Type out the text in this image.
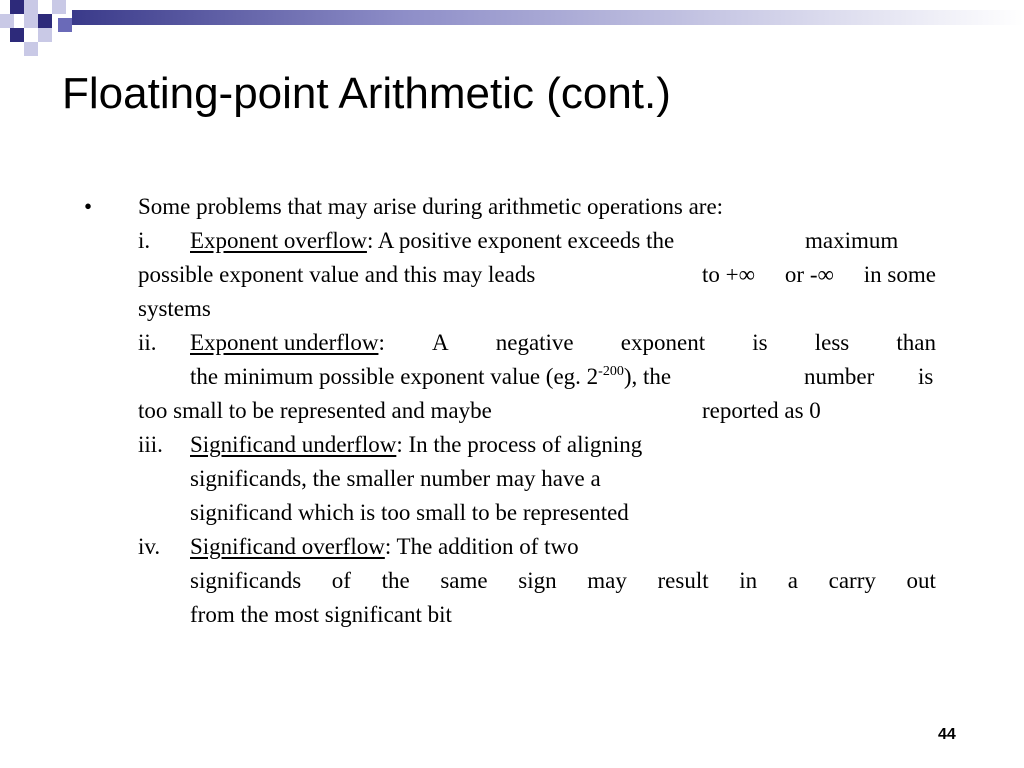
Floating-point Arithmetic (cont.)
• Some problems that may arise during arithmetic operations are:
i. Exponent overflow: A positive exponent exceeds the	maximum
possible exponent value and this may leads	to +∞ or -∞ in some
systems
ii. Exponent underflow: A negative exponent is less than
the minimum possible exponent value (eg. $2^{-200}$), the	number is
too small to be represented and maybe	reported as 0
iii. Significand underflow: In the process of aligning
significands, the smaller number may have a
significand which is too small to be represented
iv. Significand overflow: The addition of two
significands of the same sign may result in a carry out
from the most significant bit
44
